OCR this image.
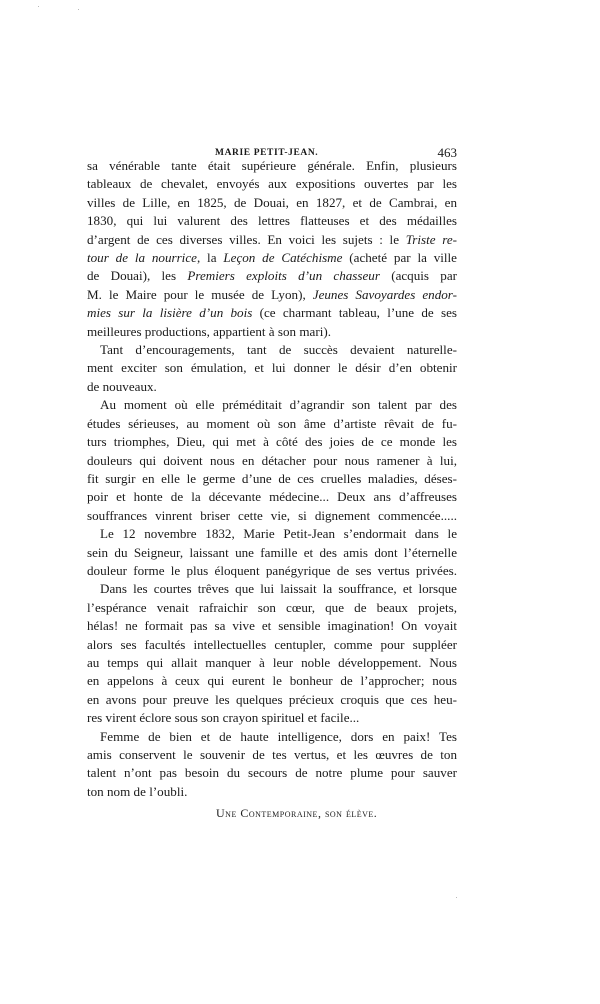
MARIE PETIT-JEAN.	463
sa vénérable tante était supérieure générale. Enfin, plusieurs
tableaux de chevalet, envoyés aux expositions ouvertes par les
villes de Lille, en 1825, de Douai, en 1827, et de Cambrai, en
1830, qui lui valurent des lettres flatteuses et des médailles
d’argent de ces diverses villes. En voici les sujets : le Triste re-
tour de la nourrice, la Leçon de Catéchisme (acheté par la ville
de Douai), les Premiers exploits d’un chasseur (acquis par
M. le Maire pour le musée de Lyon), Jeunes Savoyardes endor-
mies sur la lisière d’un bois (ce charmant tableau, l’une de ses
meilleures productions, appartient à son mari).
Tant d’encouragements, tant de succès devaient naturelle-
ment exciter son émulation, et lui donner le désir d’en obtenir
de nouveaux.
Au moment où elle préméditait d’agrandir son talent par des
études sérieuses, au moment où son âme d’artiste rêvait de fu-
turs triomphes, Dieu, qui met à côté des joies de ce monde les
douleurs qui doivent nous en détacher pour nous ramener à lui,
fit surgir en elle le germe d’une de ces cruelles maladies, déses-
poir et honte de la décevante médecine... Deux ans d’affreuses
souffrances vinrent briser cette vie, si dignement commencée.....
Le 12 novembre 1832, Marie Petit-Jean s’endormait dans le
sein du Seigneur, laissant une famille et des amis dont l’éternelle
douleur forme le plus éloquent panégyrique de ses vertus privées.
Dans les courtes trêves que lui laissait la souffrance, et lorsque
l’espérance venait rafraichir son cœur, que de beaux projets,
hélas! ne formait pas sa vive et sensible imagination! On voyait
alors ses facultés intellectuelles centupler, comme pour suppléer
au temps qui allait manquer à leur noble développement. Nous
en appelons à ceux qui eurent le bonheur de l’approcher; nous
en avons pour preuve les quelques précieux croquis que ces heu-
res virent éclore sous son crayon spirituel et facile...
Femme de bien et de haute intelligence, dors en paix! Tes
amis conservent le souvenir de tes vertus, et les œuvres de ton
talent n’ont pas besoin du secours de notre plume pour sauver
ton nom de l’oubli.
Une Contemporaine, son élève.
